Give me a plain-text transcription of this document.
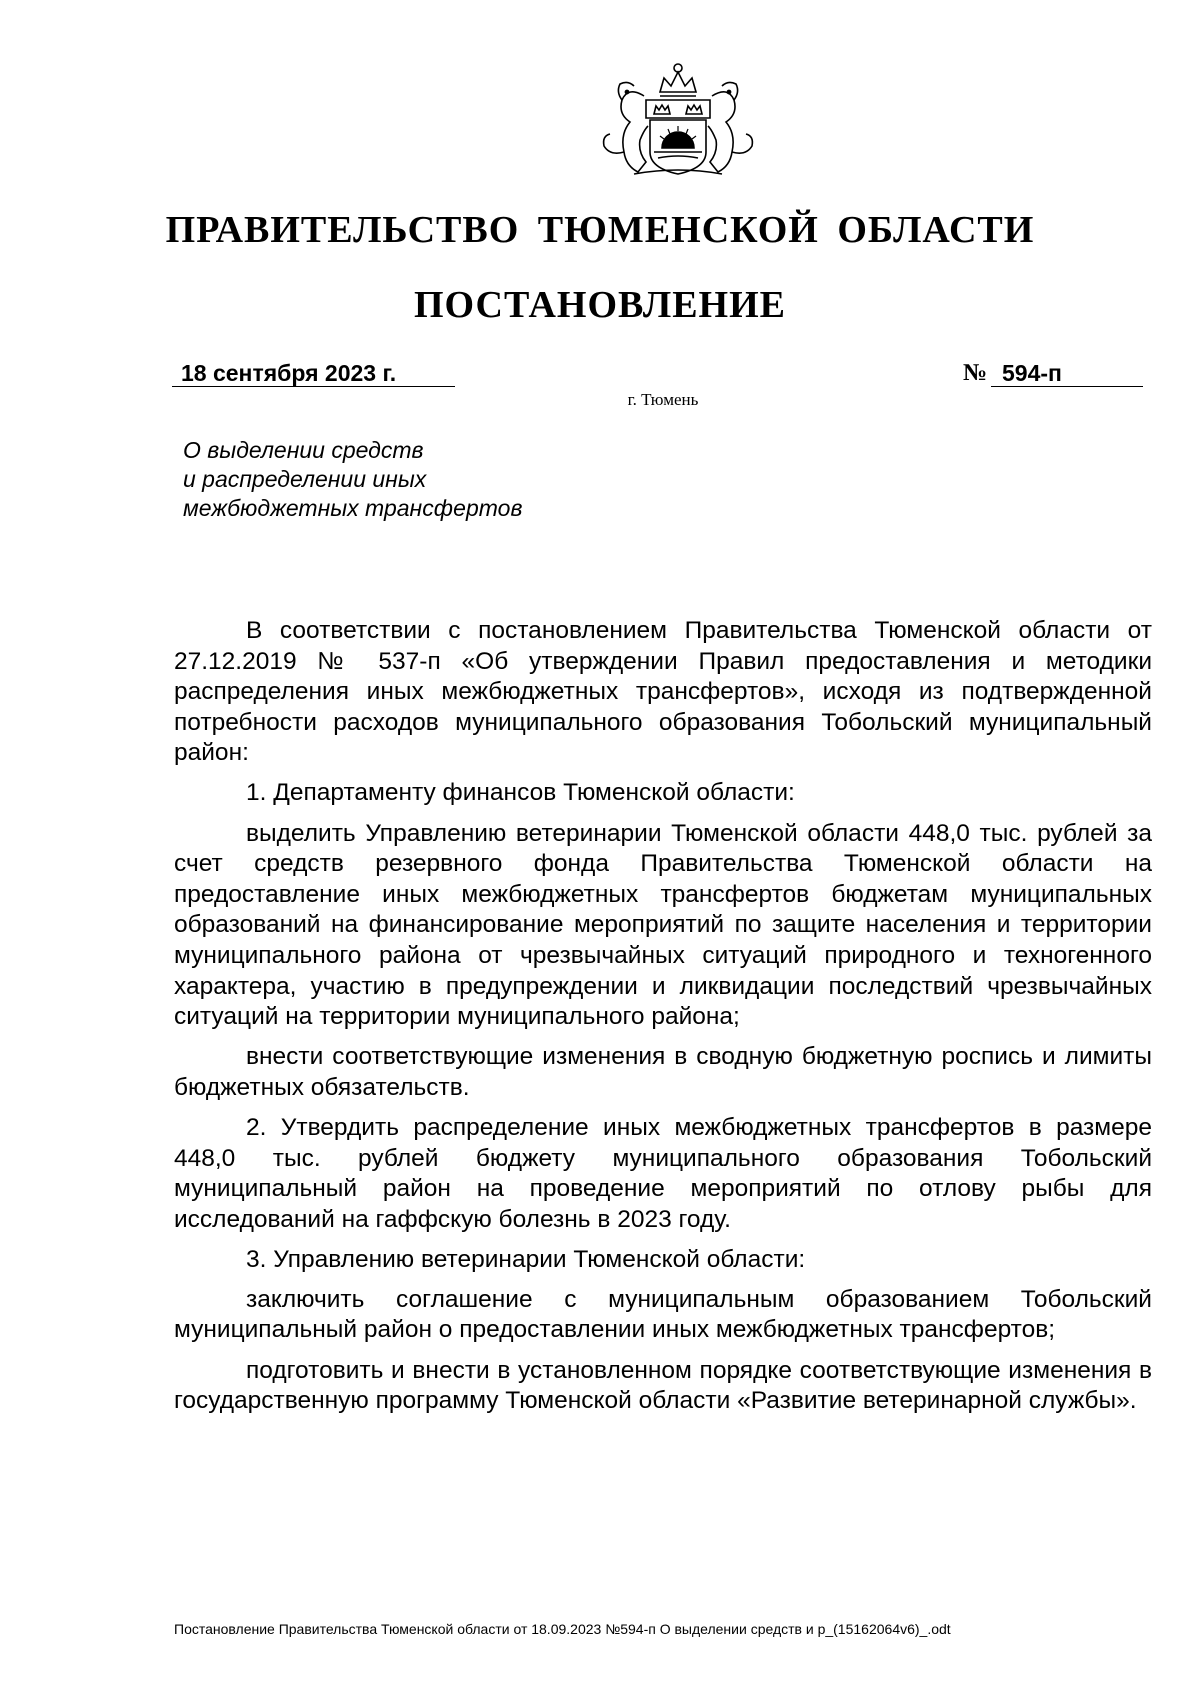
ПРАВИТЕЛЬСТВО ТЮМЕНСКОЙ ОБЛАСТИ
ПОСТАНОВЛЕНИЕ
18 сентября 2023 г.	№ 594-п
г. Тюмень
О выделении средств
и распределении иных
межбюджетных трансфертов

В соответствии с постановлением Правительства Тюменской области от 27.12.2019 № 537-п «Об утверждении Правил предоставления и методики распределения иных межбюджетных трансфертов», исходя из подтвержденной потребности расходов муниципального образования Тобольский муниципальный район:

1. Департаменту финансов Тюменской области:

выделить Управлению ветеринарии Тюменской области 448,0 тыс. рублей за счет средств резервного фонда Правительства Тюменской области на предоставление иных межбюджетных трансфертов бюджетам муниципальных образований на финансирование мероприятий по защите населения и территории муниципального района от чрезвычайных ситуаций природного и техногенного характера, участию в предупреждении и ликвидации последствий чрезвычайных ситуаций на территории муниципального района;

внести соответствующие изменения в сводную бюджетную роспись и лимиты бюджетных обязательств.

2. Утвердить распределение иных межбюджетных трансфертов в размере 448,0 тыс. рублей бюджету муниципального образования Тобольский муниципальный район на проведение мероприятий по отлову рыбы для исследований на гаффскую болезнь в 2023 году.

3. Управлению ветеринарии Тюменской области:

заключить соглашение с муниципальным образованием Тобольский муниципальный район о предоставлении иных межбюджетных трансфертов;

подготовить и внести в установленном порядке соответствующие изменения в государственную программу Тюменской области «Развитие ветеринарной службы».

Постановление Правительства Тюменской области от 18.09.2023 №594-п О выделении средств и р_(15162064v6)_.odt
